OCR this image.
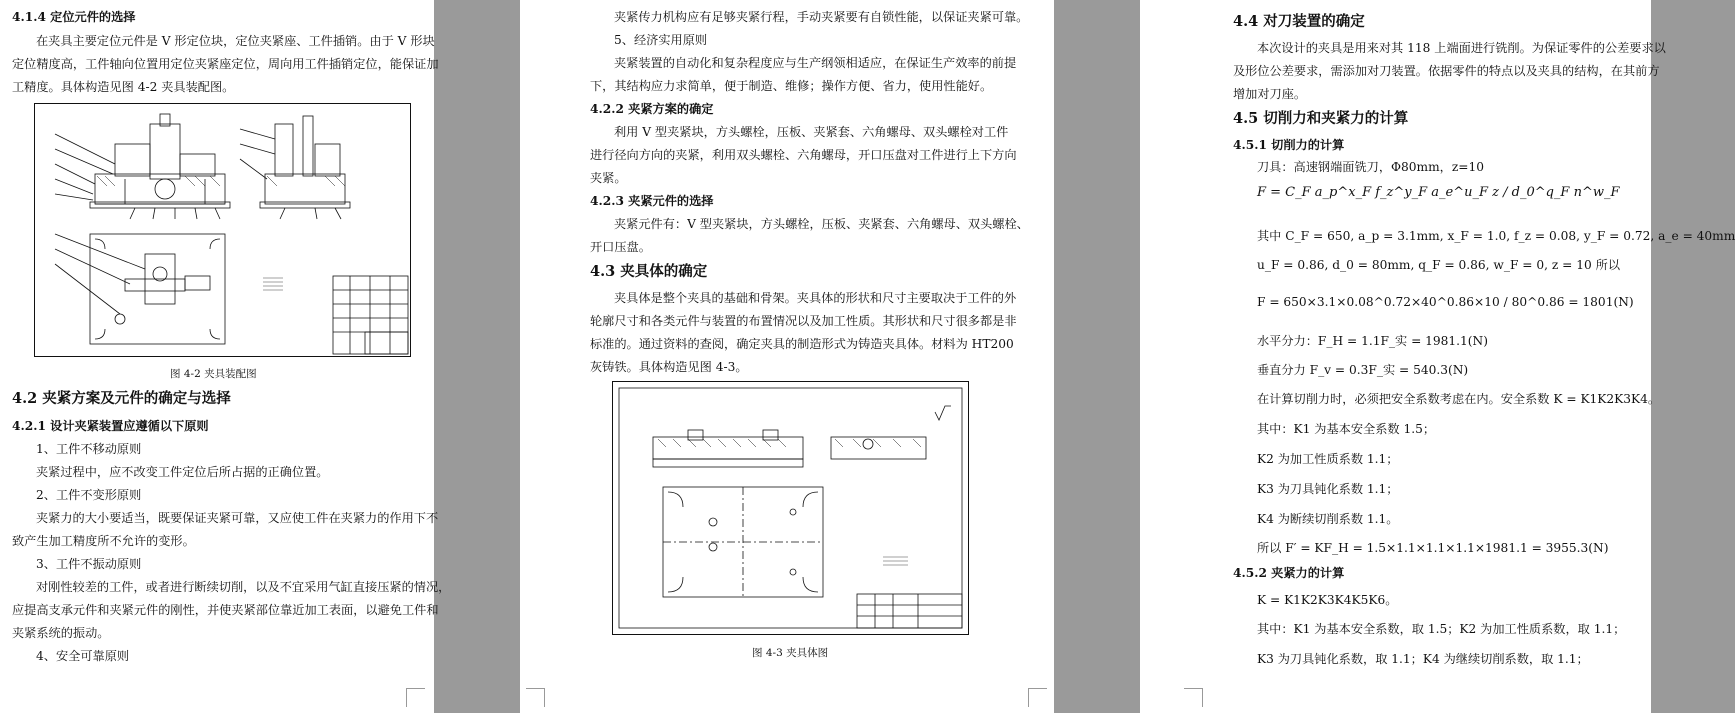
4.1.4 定位元件的选择
在夹具主要定位元件是 V 形定位块，定位夹紧座、工件插销。由于 V 形块
定位精度高，工件轴向位置用定位夹紧座定位，周向用工件插销定位，能保证加
工精度。具体构造见图 4-2 夹具装配图。
图 4-2 夹具装配图
4.2 夹紧方案及元件的确定与选择
4.2.1 设计夹紧装置应遵循以下原则
1、工件不移动原则
夹紧过程中，应不改变工件定位后所占据的正确位置。
2、工件不变形原则
夹紧力的大小要适当，既要保证夹紧可靠，又应使工件在夹紧力的作用下不
致产生加工精度所不允许的变形。
3、工件不振动原则
对刚性较差的工件，或者进行断续切削，以及不宜采用气缸直接压紧的情况，
应提高支承元件和夹紧元件的刚性，并使夹紧部位靠近加工表面，以避免工件和
夹紧系统的振动。
4、安全可靠原则
夹紧传力机构应有足够夹紧行程，手动夹紧要有自锁性能，以保证夹紧可靠。
5、经济实用原则
夹紧装置的自动化和复杂程度应与生产纲领相适应，在保证生产效率的前提
下，其结构应力求简单，便于制造、维修；操作方便、省力，使用性能好。
4.2.2 夹紧方案的确定
利用 V 型夹紧块，方头螺栓，压板、夹紧套、六角螺母、双头螺栓对工件
进行径向方向的夹紧，利用双头螺栓、六角螺母，开口压盘对工件进行上下方向
夹紧。
4.2.3 夹紧元件的选择
夹紧元件有：V 型夹紧块，方头螺栓，压板、夹紧套、六角螺母、双头螺栓、
开口压盘。
4.3 夹具体的确定
夹具体是整个夹具的基础和骨架。夹具体的形状和尺寸主要取决于工件的外
轮廓尺寸和各类元件与装置的布置情况以及加工性质。其形状和尺寸很多都是非
标准的。通过资料的查阅，确定夹具的制造形式为铸造夹具体。材料为 HT200
灰铸铁。具体构造见图 4-3。
图 4-3 夹具体图
4.4 对刀装置的确定
本次设计的夹具是用来对其 118 上端面进行铣削。为保证零件的公差要求以
及形位公差要求，需添加对刀装置。依据零件的特点以及夹具的结构，在其前方
增加对刀座。
4.5 切削力和夹紧力的计算
4.5.1 切削力的计算
刀具：高速钢端面铣刀，Φ80mm，z=10
F = C_F a_p^x_F f_z^y_F a_e^u_F z / d_0^q_F n^w_F
其中 C_F = 650, a_p = 3.1mm, x_F = 1.0, f_z = 0.08, y_F = 0.72, a_e = 40mm
u_F = 0.86, d_0 = 80mm, q_F = 0.86, w_F = 0, z = 10 所以
F = 650×3.1×0.08^0.72×40^0.86×10 / 80^0.86 = 1801(N)
水平分力：F_H = 1.1F_实 = 1981.1(N)
垂直分力 F_v = 0.3F_实 = 540.3(N)
在计算切削力时，必须把安全系数考虑在内。安全系数 K = K1K2K3K4。
其中：K1 为基本安全系数 1.5；
K2 为加工性质系数 1.1；
K3 为刀具钝化系数 1.1；
K4 为断续切削系数 1.1。
所以 F′ = KF_H = 1.5×1.1×1.1×1.1×1981.1 = 3955.3(N)
4.5.2 夹紧力的计算
K = K1K2K3K4K5K6。
其中：K1 为基本安全系数，取 1.5；K2 为加工性质系数，取 1.1；
K3 为刀具钝化系数，取 1.1；K4 为继续切削系数，取 1.1；
